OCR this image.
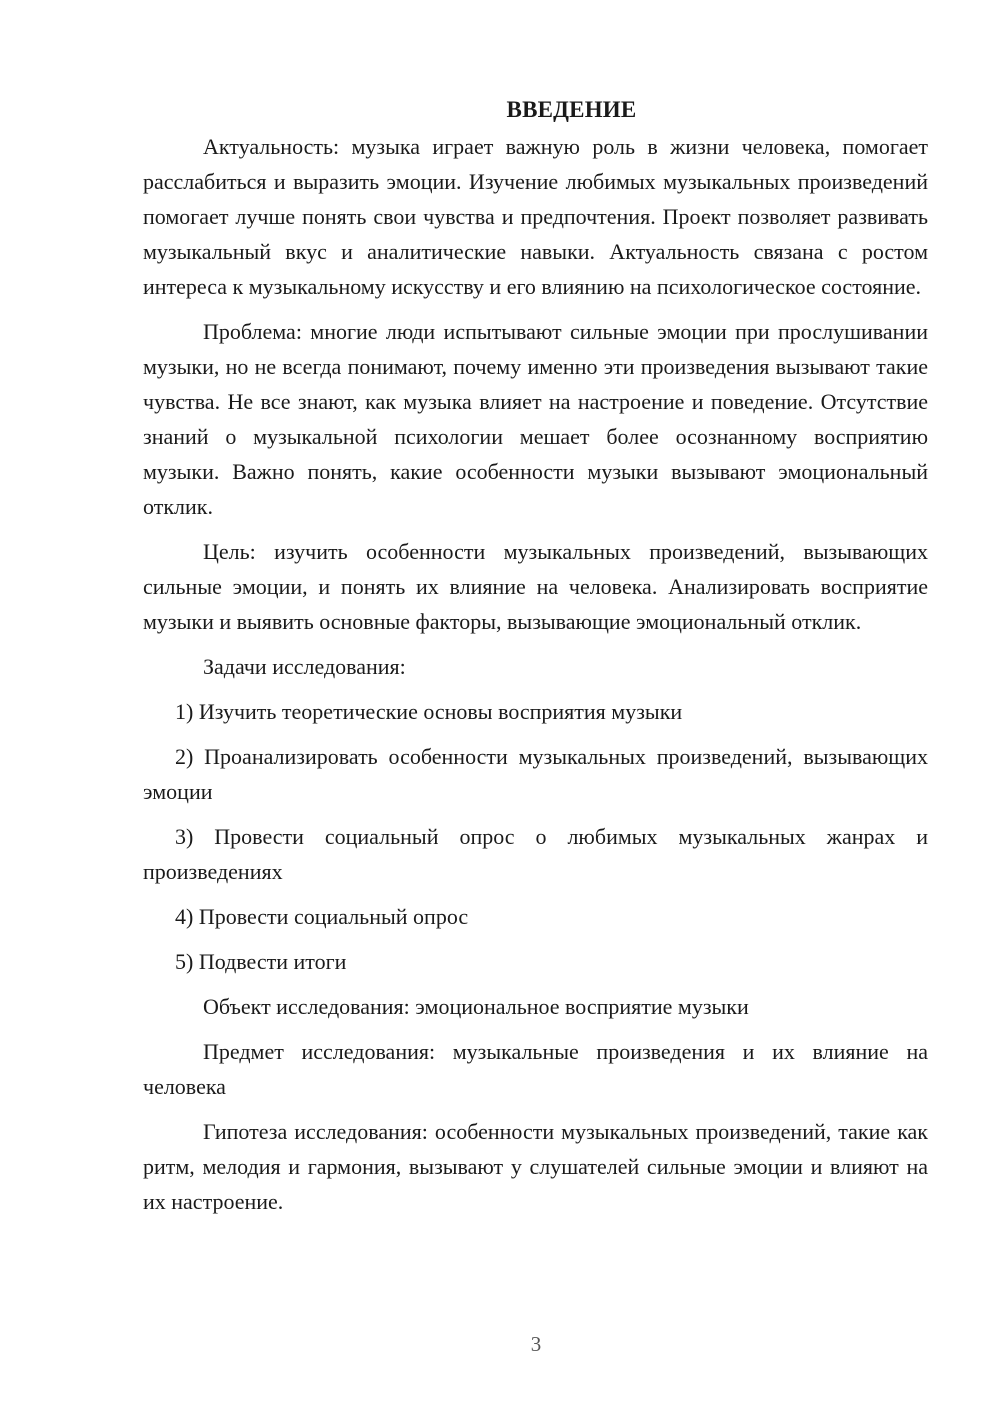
ВВЕДЕНИЕ

Актуальность: музыка играет важную роль в жизни человека, помогает расслабиться и выразить эмоции. Изучение любимых музыкальных произведений помогает лучше понять свои чувства и предпочтения. Проект позволяет развивать музыкальный вкус и аналитические навыки. Актуальность связана с ростом интереса к музыкальному искусству и его влиянию на психологическое состояние.

Проблема: многие люди испытывают сильные эмоции при прослушивании музыки, но не всегда понимают, почему именно эти произведения вызывают такие чувства. Не все знают, как музыка влияет на настроение и поведение. Отсутствие знаний о музыкальной психологии мешает более осознанному восприятию музыки. Важно понять, какие особенности музыки вызывают эмоциональный отклик.

Цель: изучить особенности музыкальных произведений, вызывающих сильные эмоции, и понять их влияние на человека. Анализировать восприятие музыки и выявить основные факторы, вызывающие эмоциональный отклик.

Задачи исследования:

1) Изучить теоретические основы восприятия музыки

2) Проанализировать особенности музыкальных произведений, вызывающих эмоции

3) Провести социальный опрос о любимых музыкальных жанрах и произведениях

4) Провести социальный опрос

5) Подвести итоги

Объект исследования: эмоциональное восприятие музыки

Предмет исследования: музыкальные произведения и их влияние на человека

Гипотеза исследования: особенности музыкальных произведений, такие как ритм, мелодия и гармония, вызывают у слушателей сильные эмоции и влияют на их настроение.

3
